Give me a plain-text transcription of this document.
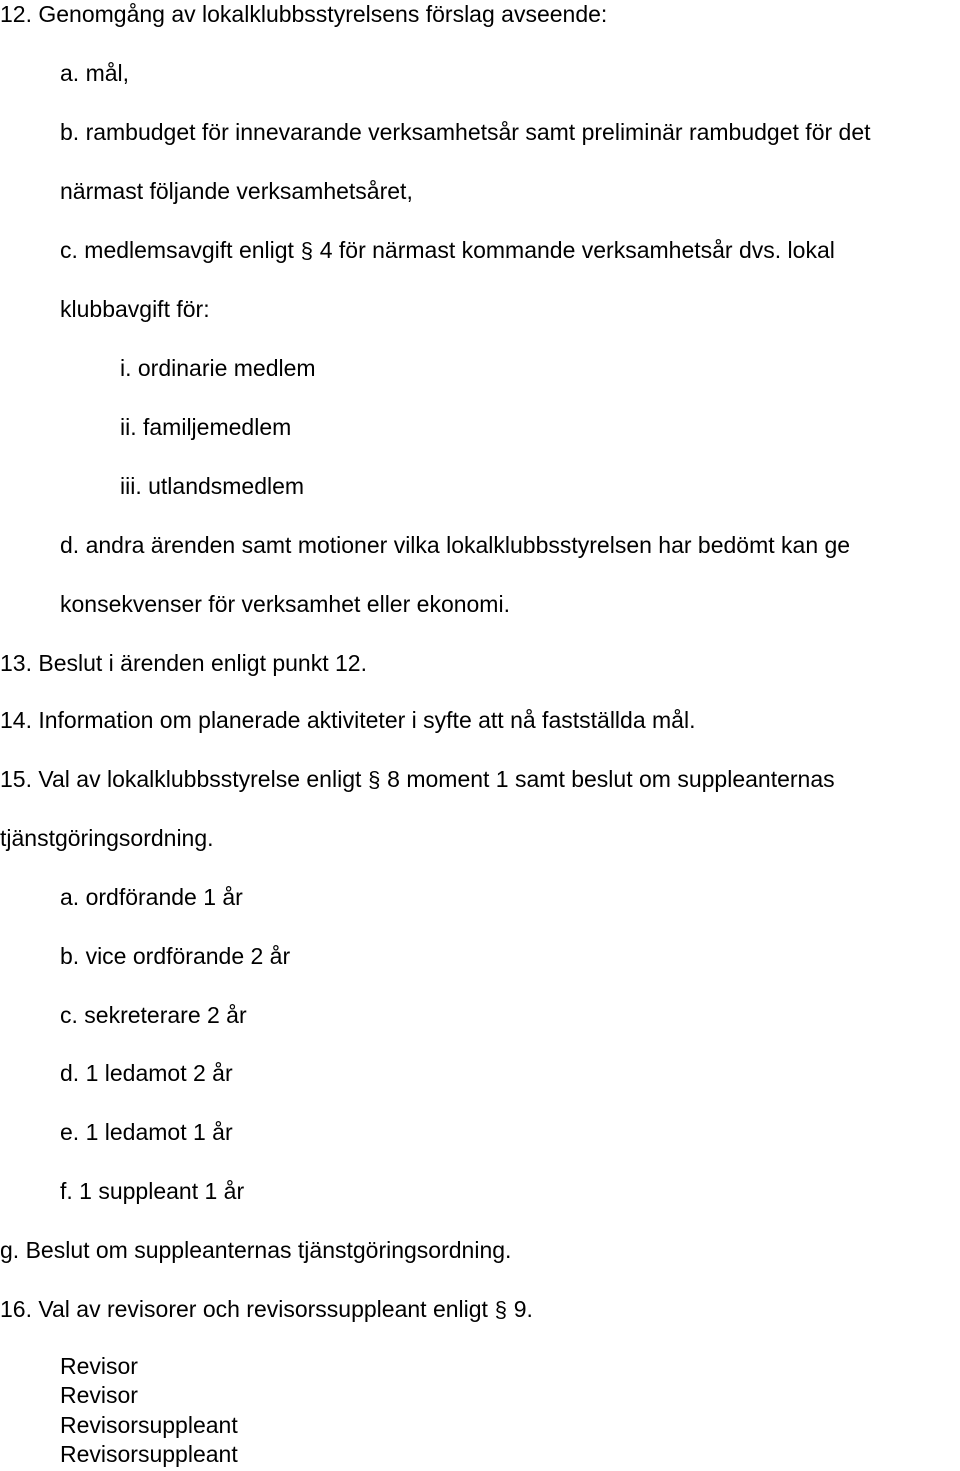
12. Genomgång av lokalklubbsstyrelsens förslag avseende:
a. mål,
b. rambudget för innevarande verksamhetsår samt preliminär rambudget för det
närmast följande verksamhetsåret,
c. medlemsavgift enligt § 4 för närmast kommande verksamhetsår dvs. lokal
klubbavgift för:
i. ordinarie medlem
ii. familjemedlem
iii. utlandsmedlem
d. andra ärenden samt motioner vilka lokalklubbsstyrelsen har bedömt kan ge
konsekvenser för verksamhet eller ekonomi.
13. Beslut i ärenden enligt punkt 12.
14. Information om planerade aktiviteter i syfte att nå fastställda mål.
15. Val av lokalklubbsstyrelse enligt § 8 moment 1 samt beslut om suppleanternas
tjänstgöringsordning.
a. ordförande 1 år
b. vice ordförande 2 år
c. sekreterare 2 år
d. 1 ledamot 2 år
e. 1 ledamot 1 år
f. 1 suppleant 1 år
g. Beslut om suppleanternas tjänstgöringsordning.
16. Val av revisorer och revisorssuppleant enligt § 9.
Revisor
Revisor
Revisorsuppleant
Revisorsuppleant
